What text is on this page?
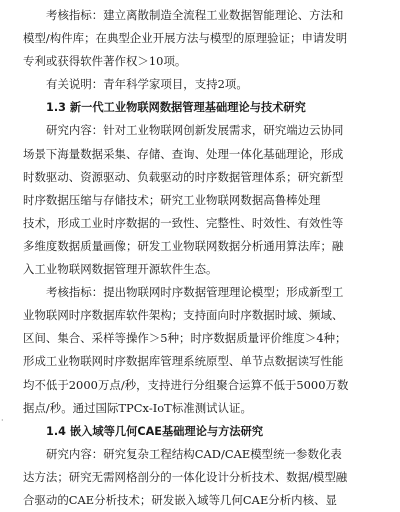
考核指标：建立离散制造全流程工业数据智能理论、方法和
模型/构件库；在典型企业开展方法与模型的原理验证；申请发明
专利或获得软件著作权＞10项。
有关说明：青年科学家项目，支持2项。
1.3 新一代工业物联网数据管理基础理论与技术研究
研究内容：针对工业物联网创新发展需求，研究端边云协同
场景下海量数据采集、存储、查询、处理一体化基础理论，形成
时数驱动、资源驱动、负载驱动的时序数据管理体系；研究新型
时序数据压缩与存储技术；研究工业物联网数据高鲁棒处理
技术，形成工业时序数据的一致性、完整性、时效性、有效性等
多维度数据质量画像；研发工业物联网数据分析通用算法库；融
入工业物联网数据管理开源软件生态。
考核指标：提出物联网时序数据管理理论模型；形成新型工
业物联网时序数据库软件架构；支持面向时序数据时域、频域、
区间、集合、采样等操作＞5种；时序数据质量评价维度＞4种；
形成工业物联网时序数据库管理系统原型、单节点数据读写性能
均不低于2000万点/秒，支持进行分组聚合运算不低于5000万数
据点/秒。通过国际TPCx-IoT标准测试认证。
1.4 嵌入域等几何CAE基础理论与方法研究
研究内容：研究复杂工程结构CAD/CAE模型统一参数化表
达方法；研究无需网格剖分的一体化设计分析技术、数据/模型融
合驱动的CAE分析技术；研发嵌入域等几何CAE分析内核、显
·
